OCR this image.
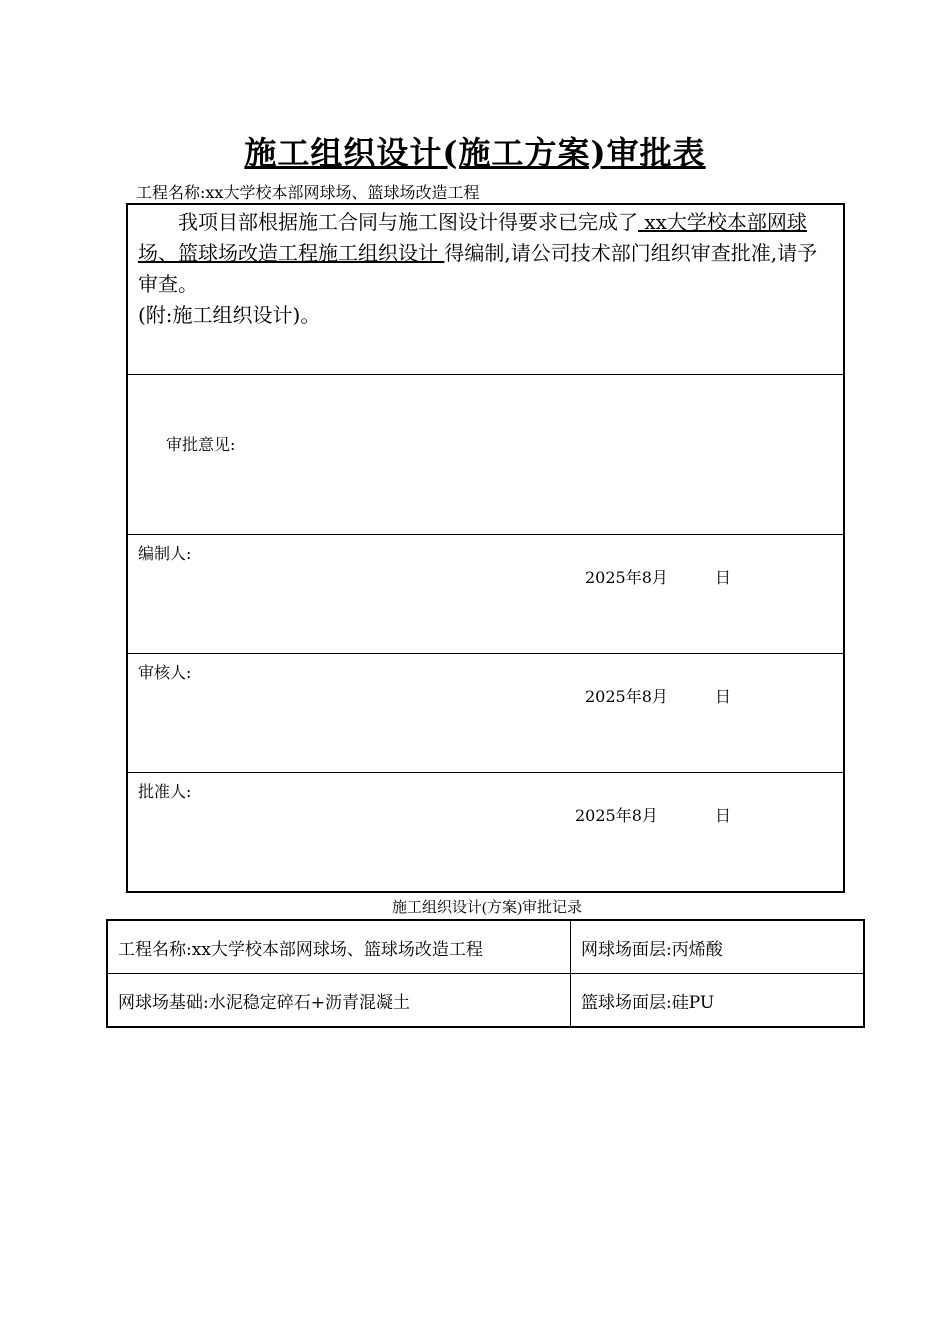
施工组织设计(施工方案)审批表
工程名称:xx大学校本部网球场、篮球场改造工程

我项目部根据施工合同与施工图设计得要求已完成了 xx大学校本部网球场、篮球场改造工程施工组织设计 得编制,请公司技术部门组织审查批准,请予审查。

(附:施工组织设计)。

审批意见:
编制人:
2025年8月	日
审核人:
2025年8月	日
批准人:
2025年8月	日
施工组织设计(方案)审批记录
工程名称:xx大学校本部网球场、篮球场改造工程	网球场面层:丙烯酸
网球场基础:水泥稳定碎石+沥青混凝土	篮球场面层:硅PU
